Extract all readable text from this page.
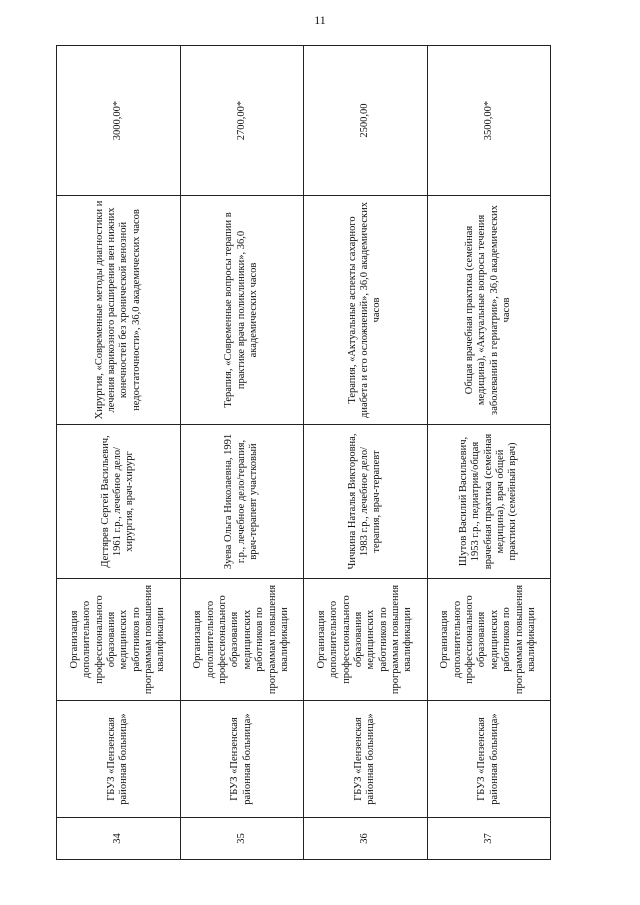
11
34	ГБУЗ «Пензенская районная больница»	Организация дополнительного профессионального образования медицинских работников по программам повышения квалификации	Дегтярев Сергей Васильевич, 1961 г.р., лечебное дело/хирургия, врач-хирург	Хирургия, «Современные методы диагностики и лечения варикозного расширения вен нижних конечностей без хронической венозной недостаточности», 36,0 академических часов	3000,00*
35	ГБУЗ «Пензенская районная больница»	Организация дополнительного профессионального образования медицинских работников по программам повышения квалификации	Зуева Ольга Николаевна, 1991 г.р., лечебное дело/терапия, врач-терапевт участковый	Терапия, «Современные вопросы терапии в практике врача поликлиники», 36,0 академических часов	2700,00*
36	ГБУЗ «Пензенская районная больница»	Организация дополнительного профессионального образования медицинских работников по программам повышения квалификации	Чичкина Наталья Викторовна, 1983 г.р., лечебное дело/терапия, врач-терапевт	Терапия, «Актуальные аспекты сахарного диабета и его осложнений», 36,0 академических часов	2500,00
37	ГБУЗ «Пензенская районная больница»	Организация дополнительного профессионального образования медицинских работников по программам повышения квалификации	Шутов Василий Васильевич, 1953 г.р., педиатрия/общая врачебная практика (семейная медицина), врач общей практики (семейный врач)	Общая врачебная практика (семейная медицина), «Актуальные вопросы течения заболеваний в гериатрии», 36,0 академических часов	3500,00*
